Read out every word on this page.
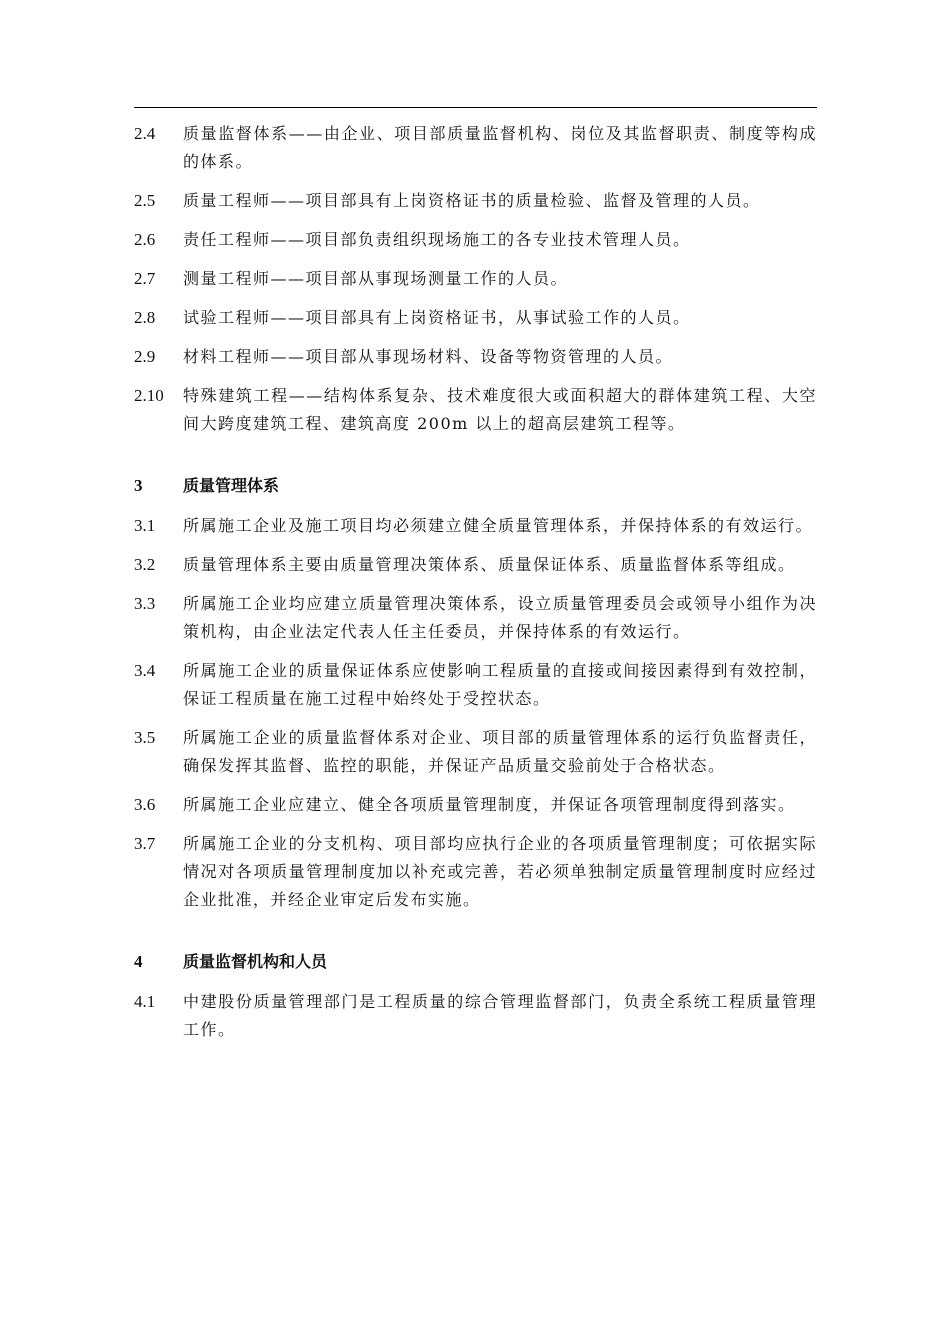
2.4	质量监督体系——由企业、项目部质量监督机构、岗位及其监督职责、制度等构成的体系。
2.5	质量工程师——项目部具有上岗资格证书的质量检验、监督及管理的人员。
2.6	责任工程师——项目部负责组织现场施工的各专业技术管理人员。
2.7	测量工程师——项目部从事现场测量工作的人员。
2.8	试验工程师——项目部具有上岗资格证书，从事试验工作的人员。
2.9	材料工程师——项目部从事现场材料、设备等物资管理的人员。
2.10	特殊建筑工程——结构体系复杂、技术难度很大或面积超大的群体建筑工程、大空间大跨度建筑工程、建筑高度 200m 以上的超高层建筑工程等。
3	质量管理体系
3.1	所属施工企业及施工项目均必须建立健全质量管理体系，并保持体系的有效运行。
3.2	质量管理体系主要由质量管理决策体系、质量保证体系、质量监督体系等组成。
3.3	所属施工企业均应建立质量管理决策体系，设立质量管理委员会或领导小组作为决策机构，由企业法定代表人任主任委员，并保持体系的有效运行。
3.4	所属施工企业的质量保证体系应使影响工程质量的直接或间接因素得到有效控制，保证工程质量在施工过程中始终处于受控状态。
3.5	所属施工企业的质量监督体系对企业、项目部的质量管理体系的运行负监督责任，确保发挥其监督、监控的职能，并保证产品质量交验前处于合格状态。
3.6	所属施工企业应建立、健全各项质量管理制度，并保证各项管理制度得到落实。
3.7	所属施工企业的分支机构、项目部均应执行企业的各项质量管理制度；可依据实际情况对各项质量管理制度加以补充或完善，若必须单独制定质量管理制度时应经过企业批准，并经企业审定后发布实施。
4	质量监督机构和人员
4.1	中建股份质量管理部门是工程质量的综合管理监督部门，负责全系统工程质量管理工作。
